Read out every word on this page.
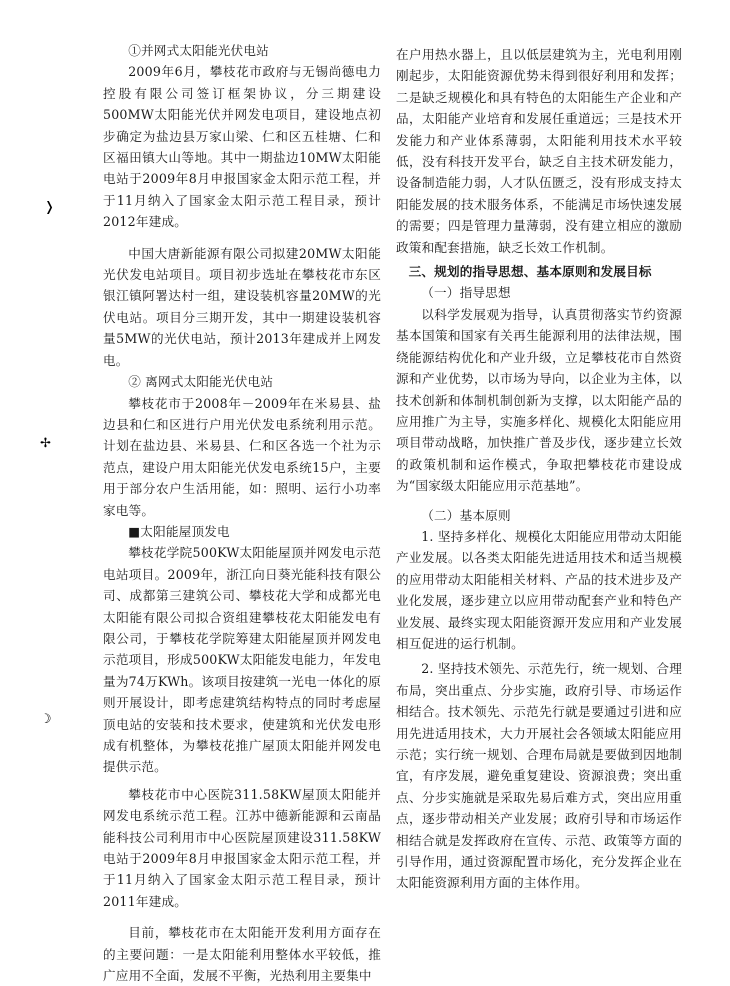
①并网式太阳能光伏电站

2009年6月，攀枝花市政府与无锡尚德电力控股有限公司签订框架协议，分三期建设500MW太阳能光伏并网发电项目，建设地点初步确定为盐边县万家山梁、仁和区五桂塘、仁和区福田镇大山等地。其中一期盐边10MW太阳能电站于2009年8月申报国家金太阳示范工程，并于11月纳入了国家金太阳示范工程目录，预计2012年建成。

中国大唐新能源有限公司拟建20MW太阳能光伏发电站项目。项目初步选址在攀枝花市东区银江镇阿署达村一组，建设装机容量20MW的光伏电站。项目分三期开发，其中一期建设装机容量5MW的光伏电站，预计2013年建成并上网发电。

② 离网式太阳能光伏电站

攀枝花市于2008年－2009年在米易县、盐边县和仁和区进行户用光伏发电系统利用示范。计划在盐边县、米易县、仁和区各选一个社为示范点，建设户用太阳能光伏发电系统15户，主要用于部分农户生活用能，如：照明、运行小功率家电等。

■太阳能屋顶发电

攀枝花学院500KW太阳能屋顶并网发电示范电站项目。2009年，浙江向日葵光能科技有限公司、成都第三建筑公司、攀枝花大学和成都光电太阳能有限公司拟合资组建攀枝花太阳能发电有限公司，于攀枝花学院筹建太阳能屋顶并网发电示范项目，形成500KW太阳能发电能力，年发电量为74万KWh。该项目按建筑一光电一体化的原则开展设计，即考虑建筑结构特点的同时考虑屋顶电站的安装和技术要求，使建筑和光伏发电形成有机整体，为攀枝花推广屋顶太阳能并网发电提供示范。

攀枝花市中心医院311.58KW屋顶太阳能并网发电系统示范工程。江苏中德新能源和云南晶能科技公司利用市中心医院屋顶建设311.58KW电站于2009年8月申报国家金太阳示范工程，并于11月纳入了国家金太阳示范工程目录，预计2011年建成。

目前，攀枝花市在太阳能开发利用方面存在的主要问题：一是太阳能利用整体水平较低，推广应用不全面，发展不平衡，光热利用主要集中

在户用热水器上，且以低层建筑为主，光电利用刚刚起步，太阳能资源优势未得到很好利用和发挥；二是缺乏规模化和具有特色的太阳能生产企业和产品，太阳能产业培育和发展任重道远；三是技术开发能力和产业体系薄弱，太阳能利用技术水平较低，没有科技开发平台，缺乏自主技术研发能力，设备制造能力弱，人才队伍匮乏，没有形成支持太阳能发展的技术服务体系，不能满足市场快速发展的需要；四是管理力量薄弱，没有建立相应的激励政策和配套措施，缺乏长效工作机制。

三、规划的指导思想、基本原则和发展目标

（一）指导思想

以科学发展观为指导，认真贯彻落实节约资源基本国策和国家有关再生能源利用的法律法规，围绕能源结构优化和产业升级，立足攀枝花市自然资源和产业优势，以市场为导向，以企业为主体，以技术创新和体制机制创新为支撑，以太阳能产品的应用推广为主导，实施多样化、规模化太阳能应用项目带动战略，加快推广普及步伐，逐步建立长效的政策机制和运作模式，争取把攀枝花市建设成为“国家级太阳能应用示范基地”。

（二）基本原则

1. 坚持多样化、规模化太阳能应用带动太阳能产业发展。以各类太阳能先进适用技术和适当规模的应用带动太阳能相关材料、产品的技术进步及产业化发展，逐步建立以应用带动配套产业和特色产业发展、最终实现太阳能资源开发应用和产业发展相互促进的运行机制。

2. 坚持技术领先、示范先行，统一规划、合理布局，突出重点、分步实施，政府引导、市场运作相结合。技术领先、示范先行就是要通过引进和应用先进适用技术，大力开展社会各领域太阳能应用示范；实行统一规划、合理布局就是要做到因地制宜，有序发展，避免重复建设、资源浪费；突出重点、分步实施就是采取先易后难方式，突出应用重点，逐步带动相关产业发展；政府引导和市场运作相结合就是发挥政府在宣传、示范、政策等方面的引导作用，通过资源配置市场化，充分发挥企业在太阳能资源利用方面的主体作用。

❭
✢
☽
